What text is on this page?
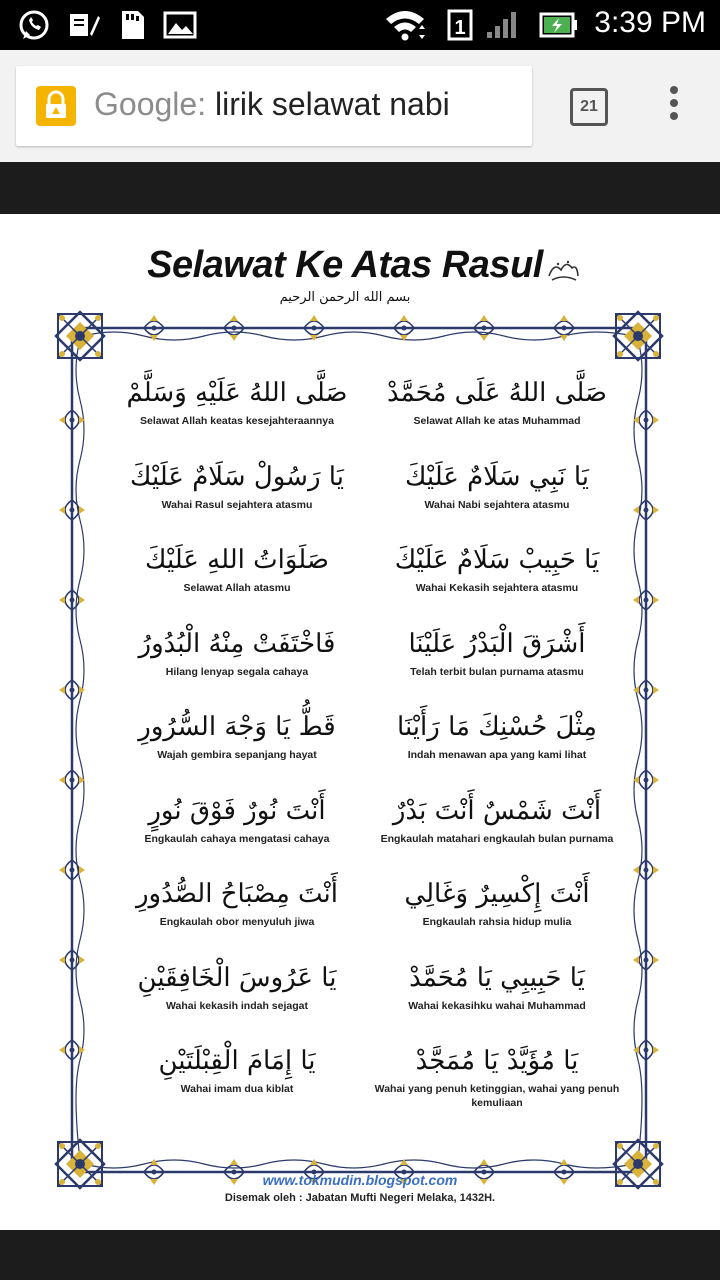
1	3:39 PM
Google: lirik selawat nabi	21
Selawat Ke Atas Rasul
بسم الله الرحمن الرحيم
صَلَّى اللهُ عَلَيْهِ وَسَلَّمْ
Selawat Allah keatas kesejahteraannya
صَلَّى اللهُ عَلَى مُحَمَّدْ
Selawat Allah ke atas Muhammad
يَا رَسُولْ سَلَامٌ عَلَيْكَ
Wahai Rasul sejahtera atasmu
يَا نَبِي سَلَامٌ عَلَيْكَ
Wahai Nabi sejahtera atasmu
صَلَوَاتُ اللهِ عَلَيْكَ
Selawat Allah atasmu
يَا حَبِيبْ سَلَامٌ عَلَيْكَ
Wahai Kekasih sejahtera atasmu
فَاخْتَفَتْ مِنْهُ الْبُدُورُ
Hilang lenyap segala cahaya
أَشْرَقَ الْبَدْرُ عَلَيْنَا
Telah terbit bulan purnama atasmu
قَطُّ يَا وَجْهَ السُّرُورِ
Wajah gembira sepanjang hayat
مِثْلَ حُسْنِكَ مَا رَأَيْنَا
Indah menawan apa yang kami lihat
أَنْتَ نُورٌ فَوْقَ نُورٍ
Engkaulah cahaya mengatasi cahaya
أَنْتَ شَمْسٌ أَنْتَ بَدْرٌ
Engkaulah matahari engkaulah bulan purnama
أَنْتَ مِصْبَاحُ الصُّدُورِ
Engkaulah obor menyuluh jiwa
أَنْتَ إِكْسِيرٌ وَغَالِي
Engkaulah rahsia hidup mulia
يَا عَرُوسَ الْخَافِقَيْنِ
Wahai kekasih indah sejagat
يَا حَبِيبِي يَا مُحَمَّدْ
Wahai kekasihku wahai Muhammad
يَا إِمَامَ الْقِبْلَتَيْنِ
Wahai imam dua kiblat
يَا مُؤَيَّدْ يَا مُمَجَّدْ
Wahai yang penuh ketinggian, wahai yang penuh kemuliaan
www.tokmudin.blogspot.com
Disemak oleh : Jabatan Mufti Negeri Melaka, 1432H.
